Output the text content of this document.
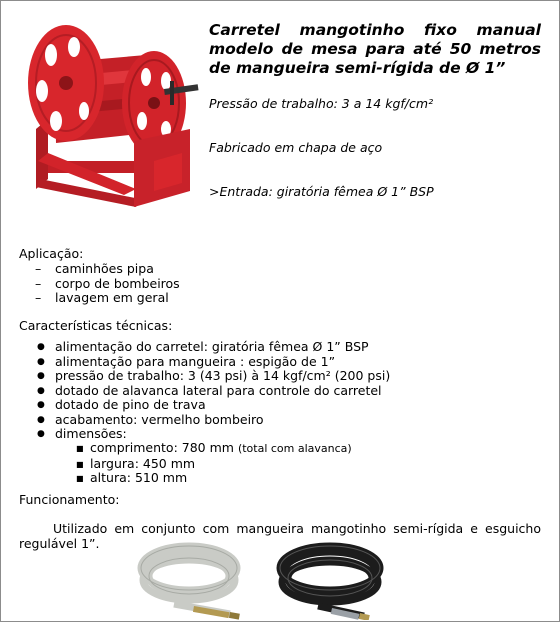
Carretel mangotinho fixo manual modelo de mesa para até 50 metros de mangueira semi-rígida de Ø 1”
Pressão de trabalho: 3 a 14 kgf/cm²
Fabricado em chapa de aço
>Entrada: giratória fêmea Ø 1” BSP
Aplicação:
– caminhões pipa
– corpo de bombeiros
– lavagem em geral
Características técnicas:
● alimentação do carretel: giratória fêmea Ø 1” BSP
● alimentação para mangueira : espigão de 1”
● pressão de trabalho: 3 (43 psi) à 14 kgf/cm² (200 psi)
● dotado de alavanca lateral para controle do carretel
● dotado de pino de trava
● acabamento: vermelho bombeiro
● dimensões:
■ comprimento: 780 mm (total com alavanca)
■ largura: 450 mm
■ altura: 510 mm
Funcionamento:
Utilizado em conjunto com mangueira mangotinho semi-rígida e esguicho regulável 1”.
